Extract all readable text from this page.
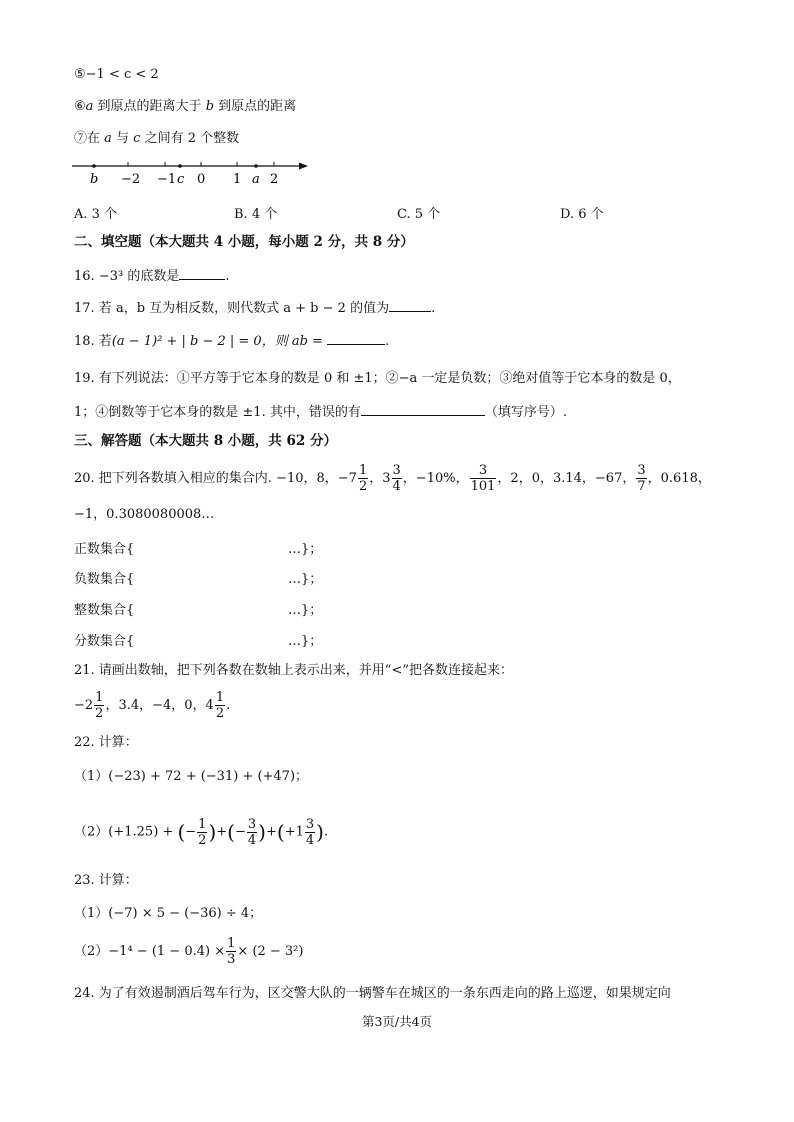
⑤−1 < c < 2
⑥a 到原点的距离大于 b 到原点的距离
⑦在 a 与 c 之间有 2 个整数
b −2 −1 c 0 1 a 2
A. 3 个	B. 4 个	C. 5 个	D. 6 个
二、填空题（本大题共 4 小题，每小题 2 分，共 8 分）
16. −3³ 的底数是	.
17. 若 a，b 互为相反数，则代数式 a + b − 2 的值为	.
18. 若(a − 1)² + | b − 2 | = 0，则 ab =	.
19. 有下列说法：①平方等于它本身的数是 0 和 ±1；②−a 一定是负数；③绝对值等于它本身的数是 0，
1；④倒数等于它本身的数是 ±1. 其中，错误的有	（填写序号）.
三、解答题（本大题共 8 小题，共 62 分）
20. 把下列各数填入相应的集合内. −10，8，$-7 \frac{1}{2}$ ，$3 \frac{3}{4}$ ，−10%， $\frac{3}{101}$ ，2，0，3.14，−67， $\frac{3}{7}$ ，0.618，
−1，0.3080080008…
正数集合{	…}；
负数集合{	…}；
整数集合{	…}；
分数集合{	…}；
21. 请画出数轴，把下列各数在数轴上表示出来，并用“<”把各数连接起来：
$-2 \frac{1}{2}$ ，3.4，−4，0，$4 \frac{1}{2}$ .
22. 计算：
（1）(−23) + 72 + (−31) + (+47)；
（2）(+1.25) + (− $\frac{1}{2}$ )+(− $\frac{3}{4} )+(+1 \frac{3}{4}$ ).
23. 计算：
（1）(−7) × 5 − (−36) ÷ 4；
$(2)-1^4 - (1 - 0.4) \times \frac{1}{3} \times (2 - 3^2)$
24. 为了有效遏制酒后驾车行为，区交警大队的一辆警车在城区的一条东西走向的路上巡逻，如果规定向
第3页/共4页
